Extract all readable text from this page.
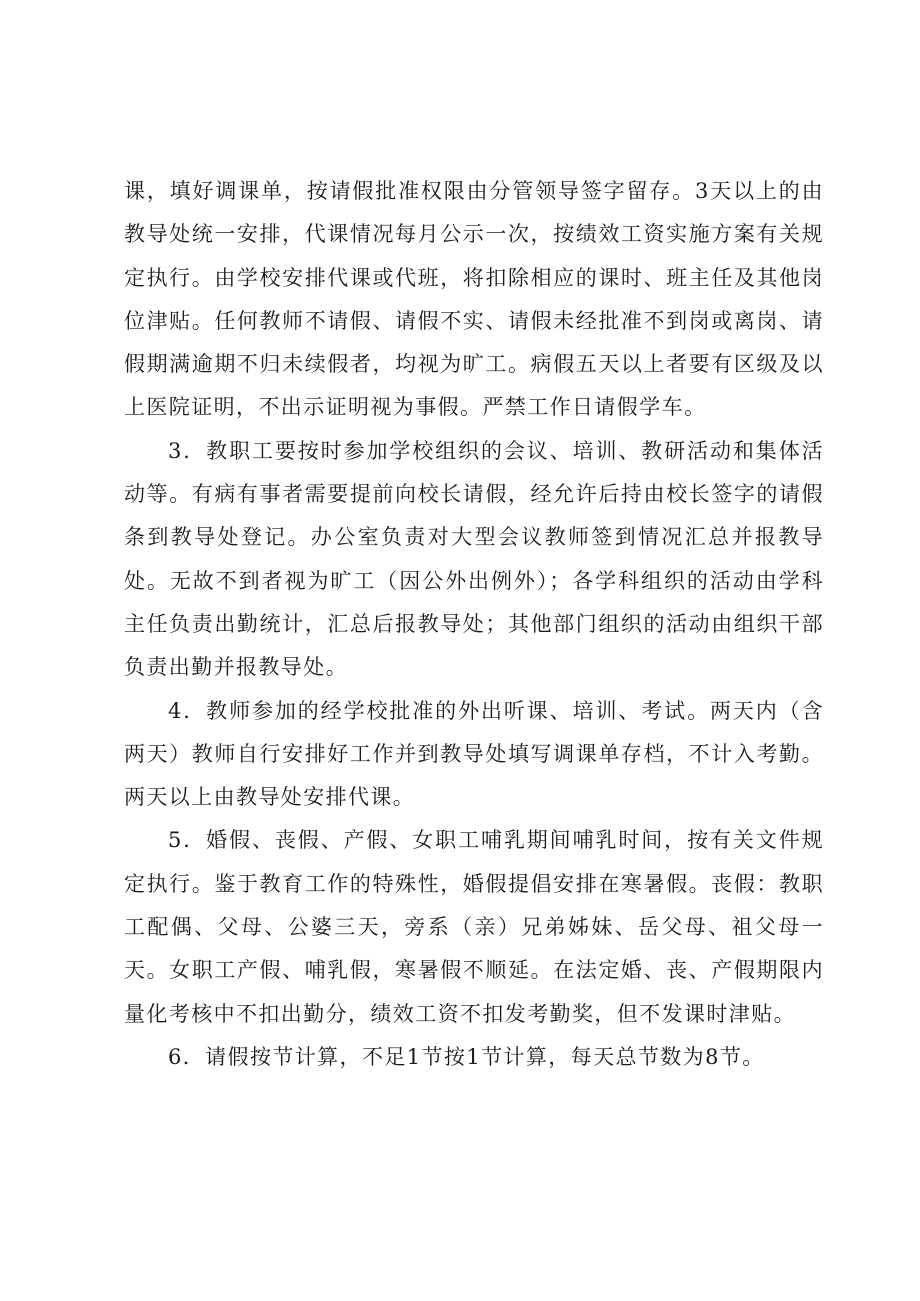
课，填好调课单，按请假批准权限由分管领导签字留存。3天以上的由教导处统一安排，代课情况每月公示一次，按绩效工资实施方案有关规定执行。由学校安排代课或代班，将扣除相应的课时、班主任及其他岗位津贴。任何教师不请假、请假不实、请假未经批准不到岗或离岗、请假期满逾期不归未续假者，均视为旷工。病假五天以上者要有区级及以上医院证明，不出示证明视为事假。严禁工作日请假学车。

3．教职工要按时参加学校组织的会议、培训、教研活动和集体活动等。有病有事者需要提前向校长请假，经允许后持由校长签字的请假条到教导处登记。办公室负责对大型会议教师签到情况汇总并报教导处。无故不到者视为旷工（因公外出例外）；各学科组织的活动由学科主任负责出勤统计，汇总后报教导处；其他部门组织的活动由组织干部负责出勤并报教导处。

4．教师参加的经学校批准的外出听课、培训、考试。两天内（含两天）教师自行安排好工作并到教导处填写调课单存档，不计入考勤。两天以上由教导处安排代课。

5．婚假、丧假、产假、女职工哺乳期间哺乳时间，按有关文件规定执行。鉴于教育工作的特殊性，婚假提倡安排在寒暑假。丧假：教职工配偶、父母、公婆三天，旁系（亲）兄弟姊妹、岳父母、祖父母一天。女职工产假、哺乳假，寒暑假不顺延。在法定婚、丧、产假期限内量化考核中不扣出勤分，绩效工资不扣发考勤奖，但不发课时津贴。

6．请假按节计算，不足1节按1节计算，每天总节数为8节。
